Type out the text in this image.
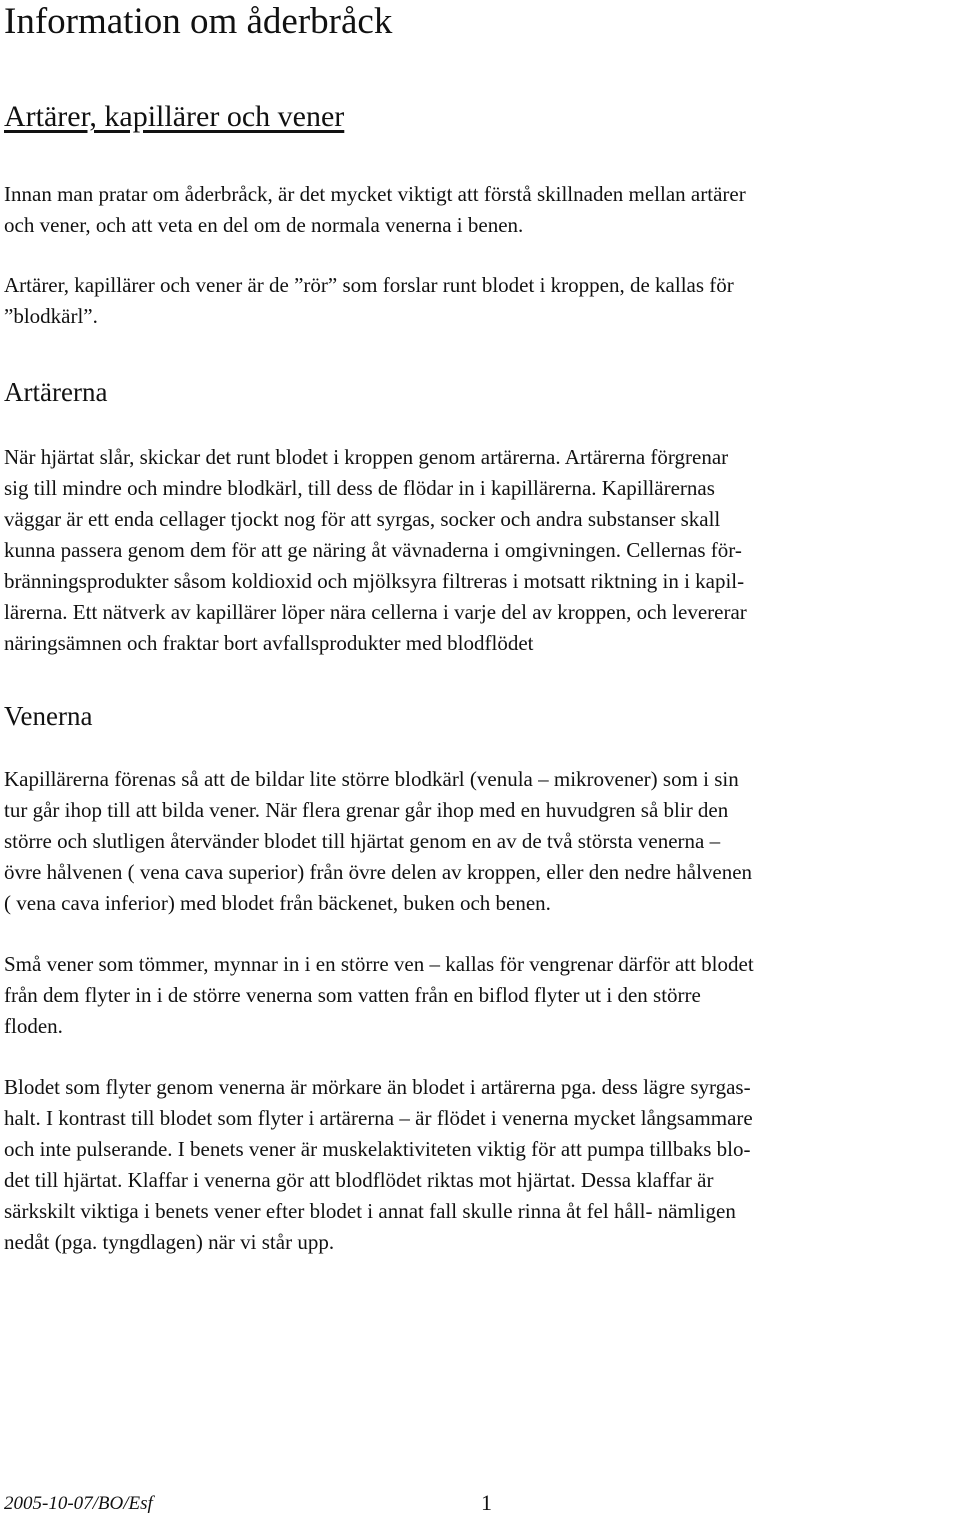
Information om åderbråck
Artärer, kapillärer och vener

Innan man pratar om åderbråck, är det mycket viktigt att förstå skillnaden mellan artärer
och vener, och att veta en del om de normala venerna i benen.

Artärer, kapillärer och vener är de ”rör” som forslar runt blodet i kroppen, de kallas för
”blodkärl”.

Artärerna

När hjärtat slår, skickar det runt blodet i kroppen genom artärerna. Artärerna förgrenar
sig till mindre och mindre blodkärl, till dess de flödar in i kapillärerna. Kapillärernas
väggar är ett enda cellager tjockt nog för att syrgas, socker och andra substanser skall
kunna passera genom dem för att ge näring åt vävnaderna i omgivningen. Cellernas för-
bränningsprodukter såsom koldioxid och mjölksyra filtreras i motsatt riktning in i kapil-
lärerna. Ett nätverk av kapillärer löper nära cellerna i varje del av kroppen, och levererar
näringsämnen och fraktar bort avfallsprodukter med blodflödet

Venerna

Kapillärerna förenas så att de bildar lite större blodkärl (venula – mikrovener) som i sin
tur går ihop till att bilda vener. När flera grenar går ihop med en huvudgren så blir den
större och slutligen återvänder blodet till hjärtat genom en av de två största venerna –
övre hålvenen ( vena cava superior) från övre delen av kroppen, eller den nedre hålvenen
( vena cava inferior) med blodet från bäckenet, buken och benen.

Små vener som tömmer, mynnar in i en större ven – kallas för vengrenar därför att blodet
från dem flyter in i de större venerna som vatten från en biflod flyter ut i den större
floden.

Blodet som flyter genom venerna är mörkare än blodet i artärerna pga. dess lägre syrgas-
halt. I kontrast till blodet som flyter i artärerna – är flödet i venerna mycket långsammare
och inte pulserande. I benets vener är muskelaktiviteten viktig för att pumpa tillbaks blo-
det till hjärtat. Klaffar i venerna gör att blodflödet riktas mot hjärtat. Dessa klaffar är
särkskilt viktiga i benets vener efter blodet i annat fall skulle rinna åt fel håll- nämligen
nedåt (pga. tyngdlagen) när vi står upp.

2005-10-07/BO/Esf	1
